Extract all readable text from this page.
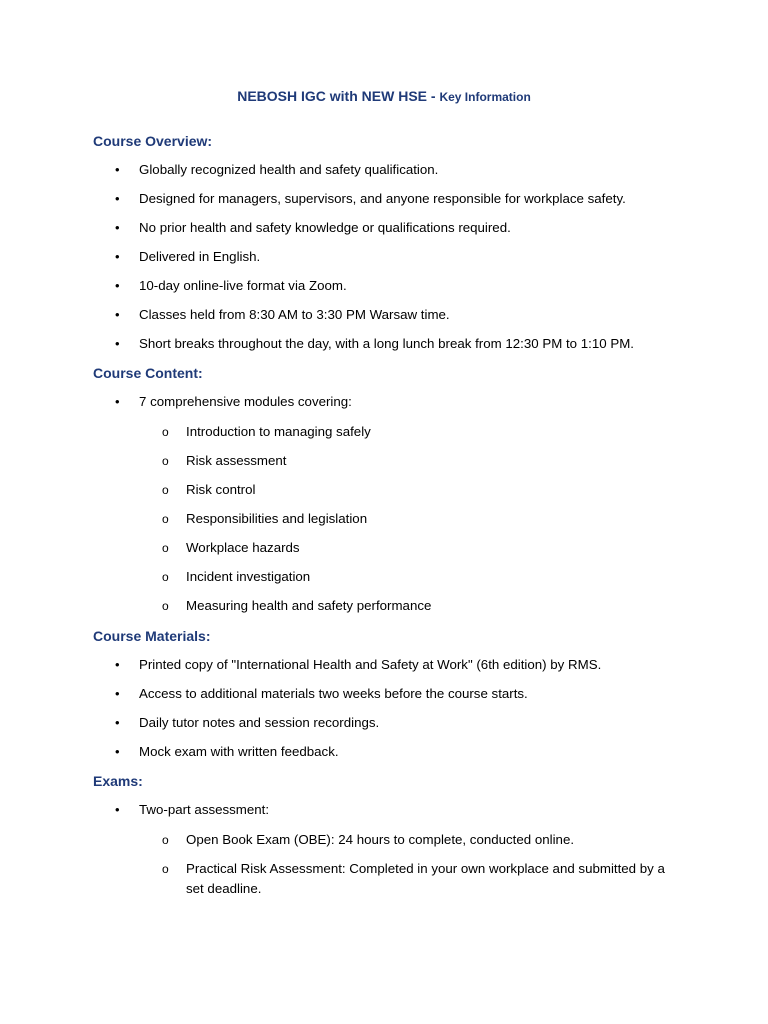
NEBOSH IGC with NEW HSE - Key Information
Course Overview:
•	Globally recognized health and safety qualification.
•	Designed for managers, supervisors, and anyone responsible for workplace safety.
•	No prior health and safety knowledge or qualifications required.
•	Delivered in English.
•	10-day online-live format via Zoom.
•	Classes held from 8:30 AM to 3:30 PM Warsaw time.
•	Short breaks throughout the day, with a long lunch break from 12:30 PM to 1:10 PM.
Course Content:
•	7 comprehensive modules covering:
o Introduction to managing safely
o Risk assessment
o Risk control
o Responsibilities and legislation
o Workplace hazards
o Incident investigation
o Measuring health and safety performance
Course Materials:
•	Printed copy of "International Health and Safety at Work" (6th edition) by RMS.
•	Access to additional materials two weeks before the course starts.
•	Daily tutor notes and session recordings.
•	Mock exam with written feedback.
Exams:
•	Two-part assessment:
o Open Book Exam (OBE): 24 hours to complete, conducted online.
o Practical Risk Assessment: Completed in your own workplace and submitted by a set deadline.
